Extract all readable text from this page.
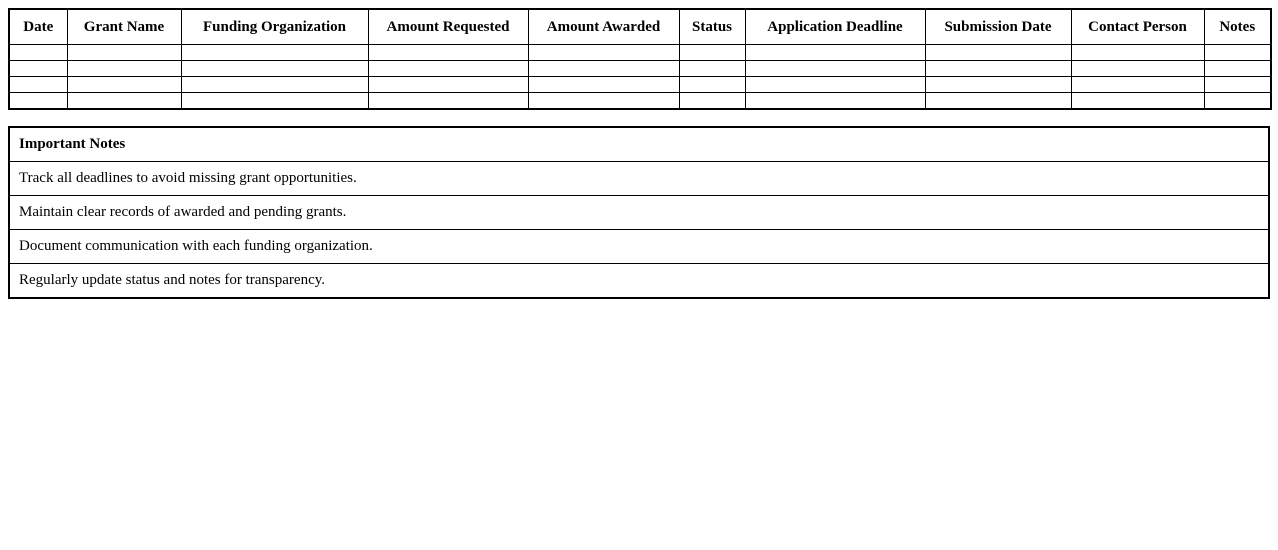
Date	Grant Name	Funding Organization	Amount Requested	Amount Awarded	Status	Application Deadline	Submission Date	Contact Person	Notes

Important Notes
Track all deadlines to avoid missing grant opportunities.
Maintain clear records of awarded and pending grants.
Document communication with each funding organization.
Regularly update status and notes for transparency.
